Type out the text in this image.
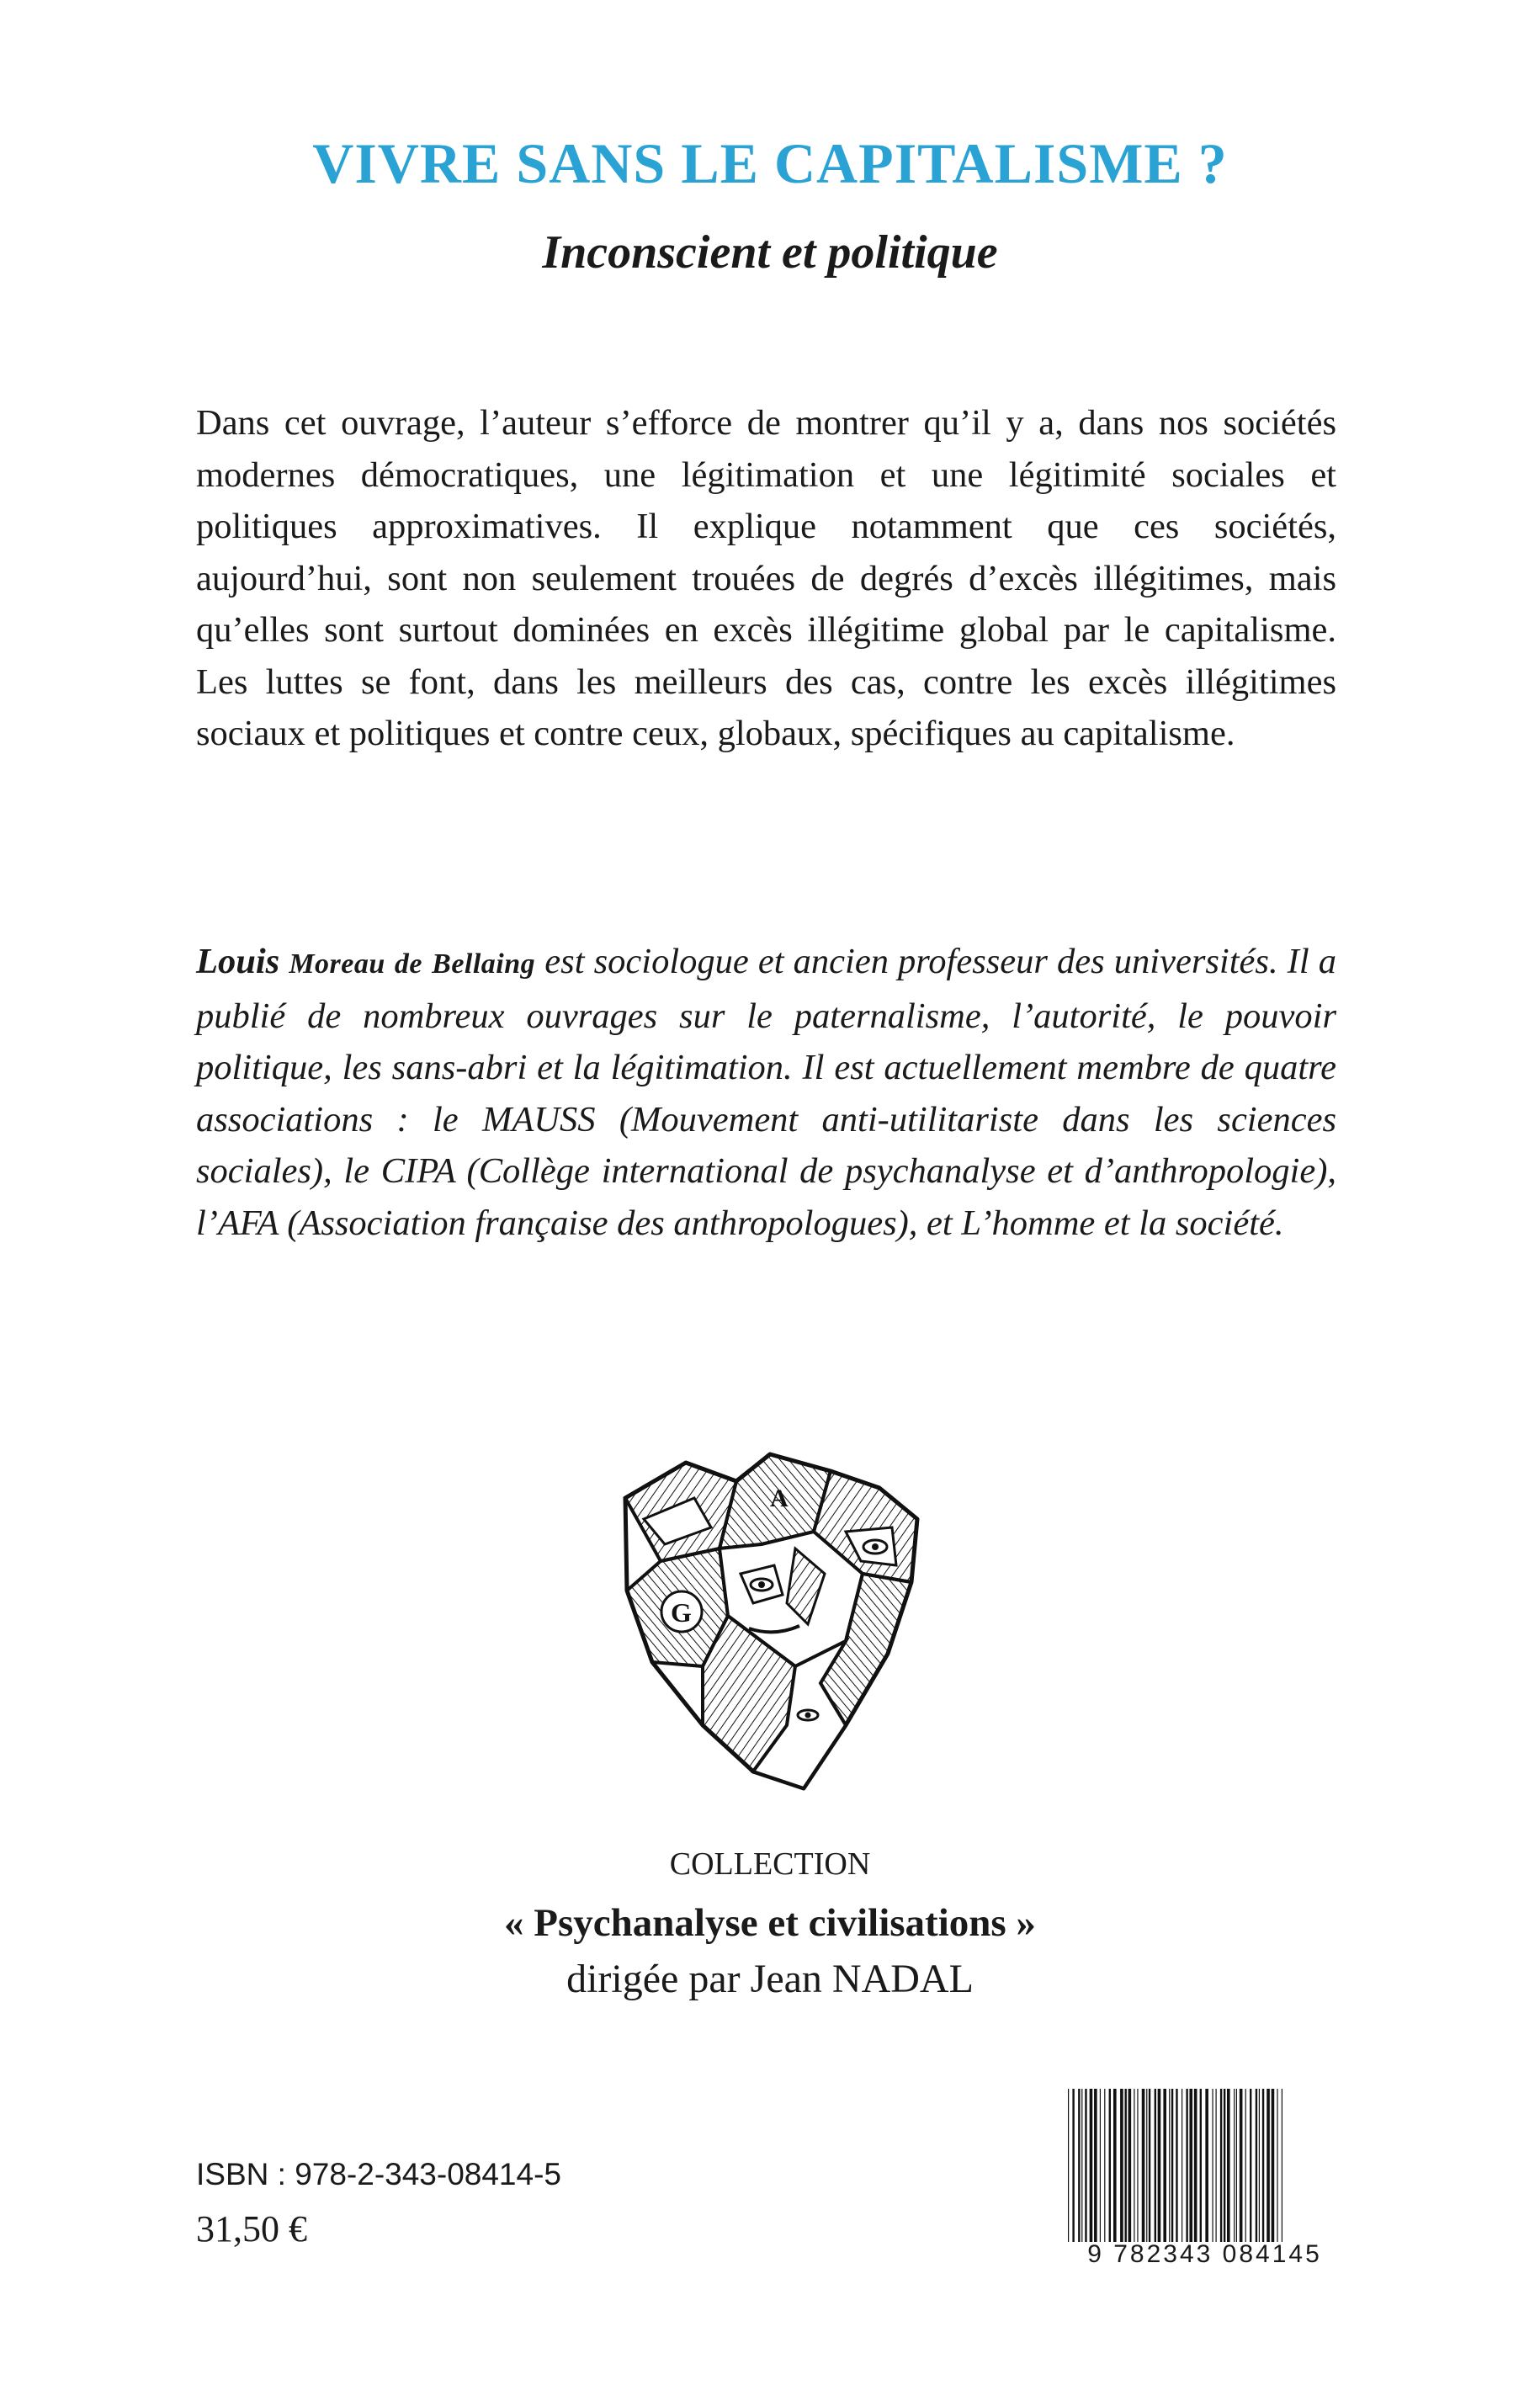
VIVRE SANS LE CAPITALISME ?
Inconscient et politique

Dans cet ouvrage, l’auteur s’efforce de montrer qu’il y a, dans nos sociétés modernes démocratiques, une légitimation et une légitimité sociales et politiques approximatives. Il explique notamment que ces sociétés, aujourd’hui, sont non seulement trouées de degrés d’excès illégitimes, mais qu’elles sont surtout dominées en excès illégitime global par le capitalisme. Les luttes se font, dans les meilleurs des cas, contre les excès illégitimes sociaux et politiques et contre ceux, globaux, spécifiques au capitalisme.

Louis Moreau de Bellaing est sociologue et ancien professeur des universités. Il a publié de nombreux ouvrages sur le paternalisme, l’autorité, le pouvoir politique, les sans-abri et la légitimation. Il est actuellement membre de quatre associations : le MAUSS (Mouvement anti-utilitariste dans les sciences sociales), le CIPA (Collège international de psychanalyse et d’anthropologie), l’AFA (Association française des anthropologues), et L’homme et la société.

A
G
COLLECTION
« Psychanalyse et civilisations »
dirigée par Jean NADAL
ISBN : 978-2-343-08414-5
31,50 €
9 782343 084145
